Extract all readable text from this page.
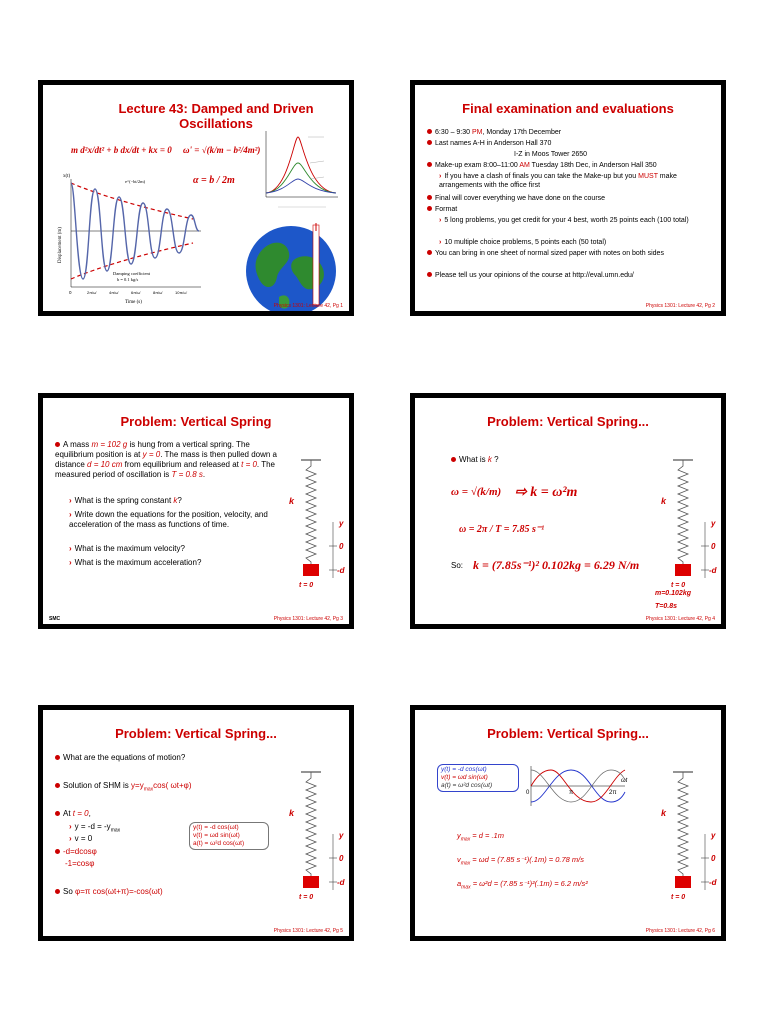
Lecture 43: Damped and Driven
Oscillations
m d²x/dt² + b dx/dt + kx = 0 ω' = √(k/m − b²/4m²)
α = b / 2m
x(t)
e^(−bt/2m)
Displacement (m)
Damping coefficient
b = 0.1 kg/s
0	2π/ω'	4π/ω'	6π/ω'	8π/ω'	10π/ω'
Time (s)
Physics 1301: Lecture 42, Pg 1
Final examination and evaluations
6:30 – 9:30 PM, Monday 17th December
Last names A-H in Anderson Hall 370
I-Z in Moos Tower 2650
Make-up exam 8:00–11:00 AM Tuesday 18th Dec, in Anderson Hall 350
› If you have a clash of finals you can take the Make-up but you MUST make arrangements with the office first
Final will cover everything we have done on the course
Format
› 5 long problems, you get credit for your 4 best, worth 25 points each (100 total)
› 10 multiple choice problems, 5 points each (50 total)
You can bring in one sheet of normal sized paper with notes on both sides
Please tell us your opinions of the course at http://eval.umn.edu/
Physics 1301: Lecture 42, Pg 2
Problem: Vertical Spring
A mass m = 102 g is hung from a vertical spring. The equilibrium position is at y = 0. The mass is then pulled down a distance d = 10 cm from equilibrium and released at t = 0. The measured period of oscillation is T = 0.8 s.
› What is the spring constant k?
› Write down the equations for the position, velocity, and acceleration of the mass as functions of time.
› What is the maximum velocity?
› What is the maximum acceleration?
k
y
0
-d
t = 0
SMC	Physics 1301: Lecture 42, Pg 3
Problem: Vertical Spring...
What is k ?
ω = √(k/m) ⇨ k = ω²m
ω = 2π / T = 7.85 s⁻¹
So: k = (7.85s⁻¹)² 0.102kg = 6.29 N/m
k
y
0
-d
t = 0
m=0.102kg
T=0.8s
Physics 1301: Lecture 42, Pg 4
Problem: Vertical Spring...
What are the equations of motion?
Solution of SHM is $y=y_{max}\cos$( ωt+φ)
At t = 0,
› $y = -d = -y_{max}$
› v = 0
-d=dcosφ
-1=cosφ
So φ=π cos(ωt+π)=-cos(ωt)
y(t) = -d cos(ωt)
v(t) = ωd sin(ωt)
a(t) = ω²d cos(ωt)
k
y
0
-d
t = 0
Physics 1301: Lecture 42, Pg 5
Problem: Vertical Spring...
y(t) = -d cos(ωt)
v(t) = ωd sin(ωt)
a(t) = ω²d cos(ωt)
0	π	2π
ωt
$y_{max} = d = .1m$
$v_{max} = \omega d = (7.85$ s⁻¹)(.1m) = 0.78 m/s
$a_{max} = \omega^2d = (7.85$ s⁻¹)²(.1m) = 6.2 m/s²
k
y
0
-d
t = 0
Physics 1301: Lecture 42, Pg 6
